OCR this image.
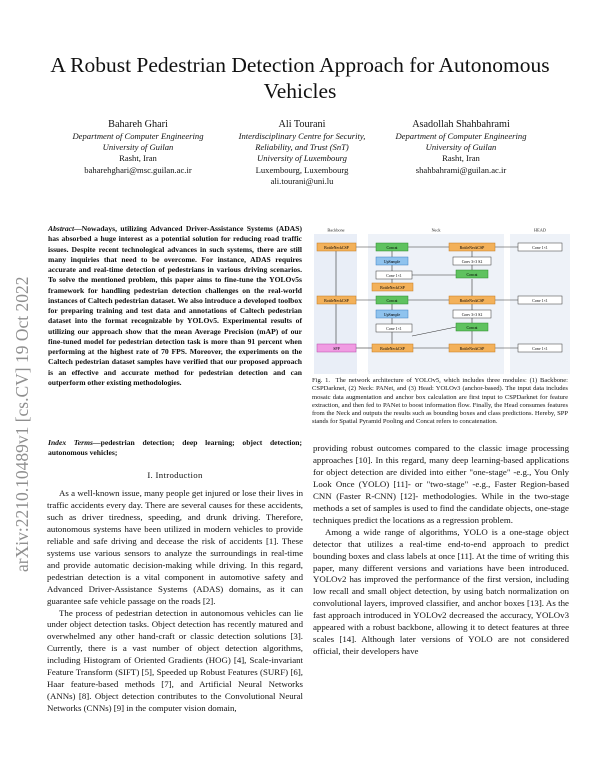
arXiv:2210.10489v1 [cs.CV] 19 Oct 2022
A Robust Pedestrian Detection Approach for Autonomous Vehicles
Bahareh Ghari
Department of Computer Engineering
University of Guilan
Rasht, Iran
baharehghari@msc.guilan.ac.ir
Ali Tourani
Interdisciplinary Centre for Security,
Reliability, and Trust (SnT)
University of Luxembourg
Luxembourg, Luxembourg
ali.tourani@uni.lu
Asadollah Shahbahrami
Department of Computer Engineering
University of Guilan
Rasht, Iran
shahbahrami@guilan.ac.ir
Abstract—Nowadays, utilizing Advanced Driver-Assistance Systems (ADAS) has absorbed a huge interest as a potential solution for reducing road traffic issues. Despite recent technological advances in such systems, there are still many inquiries that need to be overcome. For instance, ADAS requires accurate and real-time detection of pedestrians in various driving scenarios. To solve the mentioned problem, this paper aims to fine-tune the YOLOv5s framework for handling pedestrian detection challenges on the real-world instances of Caltech pedestrian dataset. We also introduce a developed toolbox for preparing training and test data and annotations of Caltech pedestrian dataset into the format recognizable by YOLOv5. Experimental results of utilizing our approach show that the mean Average Precision (mAP) of our fine-tuned model for pedestrian detection task is more than 91 percent when performing at the highest rate of 70 FPS. Moreover, the experiments on the Caltech pedestrian dataset samples have verified that our proposed approach is an effective and accurate method for pedestrian detection and can outperform other existing methodologies.
Index Terms—pedestrian detection; deep learning; object detection; autonomous vehicles;
I. Introduction

As a well-known issue, many people get injured or lose their lives in traffic accidents every day. There are several causes for these accidents, such as driver tiredness, speeding, and drunk driving. Therefore, autonomous systems have been utilized in modern vehicles to provide reliable and safe driving and decease the risk of accidents [1]. These systems use various sensors to analyze the surroundings in real-time and provide automatic decision-making while driving. In this regard, pedestrian detection is a vital component in automotive safety and Advanced Driver-Assistance Systems (ADAS) domains, as it can guarantee safe vehicle passage on the roads [2].

The process of pedestrian detection in autonomous vehicles can lie under object detection tasks. Object detection has recently matured and overwhelmed any other hand-craft or classic detection solutions [3]. Currently, there is a vast number of object detection algorithms, including Histogram of Oriented Gradients (HOG) [4], Scale-invariant Feature Transform (SIFT) [5], Speeded up Robust Features (SURF) [6], Haar feature-based methods [7], and Artificial Neural Networks (ANNs) [8]. Object detection contributes to the Convolutional Neural Networks (CNNs) [9] in the computer vision domain,

Backbone	Neck	HEAD
BottleNeckCSP
BottleNeckCSP
SPP
Concat
UpSample
Conv 1×1
BottleNeckCSP
Concat
UpSample
Conv 1×1
BottleNeckCSP
BottleNeckCSP
Conv 3×3 S2
Concat
BottleNeckCSP
Conv 3×3 S2
Concat
BottleNeckCSP
Conv 1×1
Conv 1×1
Conv 1×1
Fig. 1. The network architecture of YOLOv5, which includes three modules: (1) Backbone: CSPDarknet, (2) Neck: PANet, and (3) Head: YOLOv3 (anchor-based). The input data includes mosaic data augmentation and anchor box calculation are first input to CSPDarknet for feature extraction, and then fed to PANet to boost information flow. Finally, the Head consumes features from the Neck and outputs the results such as bounding boxes and class predictions. Hereby, SPP stands for Spatial Pyramid Pooling and Concat refers to concatenation.

providing robust outcomes compared to the classic image processing approaches [10]. In this regard, many deep learning-based applications for object detection are divided into either "one-stage" -e.g., You Only Look Once (YOLO) [11]- or "two-stage" -e.g., Faster Region-based CNN (Faster R-CNN) [12]- methodologies. While in the two-stage methods a set of samples is used to find the candidate objects, one-stage techniques predict the locations as a regression problem.

Among a wide range of algorithms, YOLO is a one-stage object detector that utilizes a real-time end-to-end approach to predict bounding boxes and class labels at once [11]. At the time of writing this paper, many different versions and variations have been introduced. YOLOv2 has improved the performance of the first version, including low recall and small object detection, by using batch normalization on convolutional layers, improved classifier, and anchor boxes [13]. As the fast approach introduced in YOLOv2 decreased the accuracy, YOLOv3 appeared with a robust backbone, allowing it to detect features at three scales [14]. Although later versions of YOLO are not considered official, their developers have
